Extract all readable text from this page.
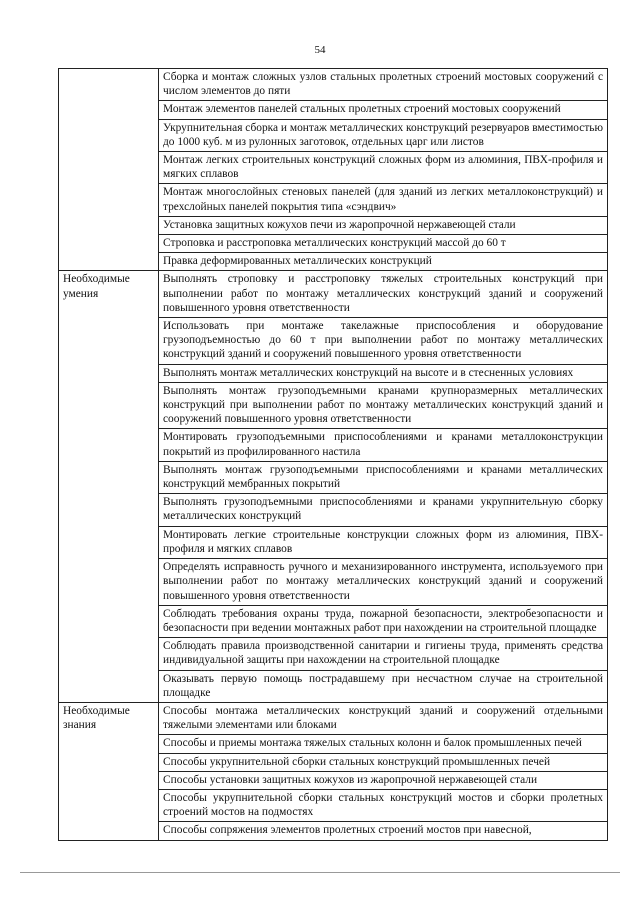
54
	Сборка и монтаж сложных узлов стальных пролетных строений мостовых сооружений с числом элементов до пяти
	Монтаж элементов панелей стальных пролетных строений мостовых сооружений
	Укрупнительная сборка и монтаж металлических конструкций резервуаров вместимостью до 1000 куб. м из рулонных заготовок, отдельных царг или листов
	Монтаж легких строительных конструкций сложных форм из алюминия, ПВХ-профиля и мягких сплавов
	Монтаж многослойных стеновых панелей (для зданий из легких металлоконструкций) и трехслойных панелей покрытия типа «сэндвич»
	Установка защитных кожухов печи из жаропрочной нержавеющей стали
	Строповка и расстроповка металлических конструкций массой до 60 т
	Правка деформированных металлических конструкций
Необходимые умения	Выполнять строповку и расстроповку тяжелых строительных конструкций при выполнении работ по монтажу металлических конструкций зданий и сооружений повышенного уровня ответственности
	Использовать при монтаже такелажные приспособления и оборудование грузоподъемностью до 60 т при выполнении работ по монтажу металлических конструкций зданий и сооружений повышенного уровня ответственности
	Выполнять монтаж металлических конструкций на высоте и в стесненных условиях
	Выполнять монтаж грузоподъемными кранами крупноразмерных металлических конструкций при выполнении работ по монтажу металлических конструкций зданий и сооружений повышенного уровня ответственности
	Монтировать грузоподъемными приспособлениями и кранами металлоконструкции покрытий из профилированного настила
	Выполнять монтаж грузоподъемными приспособлениями и кранами металлических конструкций мембранных покрытий
	Выполнять грузоподъемными приспособлениями и кранами укрупнительную сборку металлических конструкций
	Монтировать легкие строительные конструкции сложных форм из алюминия, ПВХ-профиля и мягких сплавов
	Определять исправность ручного и механизированного инструмента, используемого при выполнении работ по монтажу металлических конструкций зданий и сооружений повышенного уровня ответственности
	Соблюдать требования охраны труда, пожарной безопасности, электробезопасности и безопасности при ведении монтажных работ при нахождении на строительной площадке
	Соблюдать правила производственной санитарии и гигиены труда, применять средства индивидуальной защиты при нахождении на строительной площадке
	Оказывать первую помощь пострадавшему при несчастном случае на строительной площадке
Необходимые знания	Способы монтажа металлических конструкций зданий и сооружений отдельными тяжелыми элементами или блоками
	Способы и приемы монтажа тяжелых стальных колонн и балок промышленных печей
	Способы укрупнительной сборки стальных конструкций промышленных печей
	Способы установки защитных кожухов из жаропрочной нержавеющей стали
	Способы укрупнительной сборки стальных конструкций мостов и сборки пролетных строений мостов на подмостях
	Способы сопряжения элементов пролетных строений мостов при навесной,
